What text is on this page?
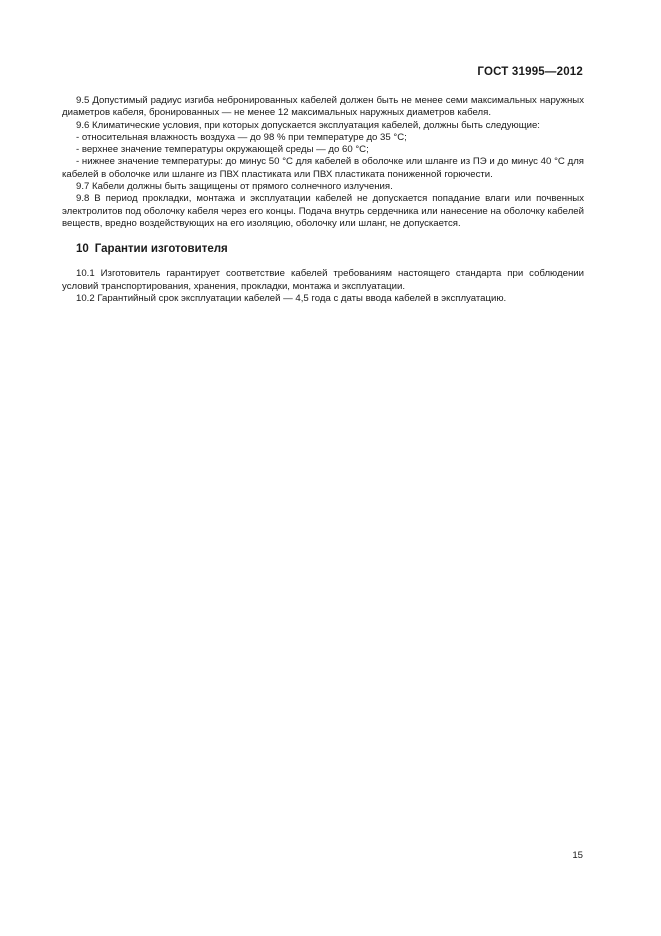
ГОСТ 31995—2012

9.5 Допустимый радиус изгиба небронированных кабелей должен быть не менее семи максимальных наружных диаметров кабеля, бронированных — не менее 12 максимальных наружных диаметров кабеля.

9.6 Климатические условия, при которых допускается эксплуатация кабелей, должны быть следующие:

- относительная влажность воздуха — до 98 % при температуре до 35 °С;

- верхнее значение температуры окружающей среды — до 60 °С;

- нижнее значение температуры: до минус 50 °С для кабелей в оболочке или шланге из ПЭ и до минус 40 °С для кабелей в оболочке или шланге из ПВХ пластиката или ПВХ пластиката пониженной горючести.

9.7 Кабели должны быть защищены от прямого солнечного излучения.

9.8 В период прокладки, монтажа и эксплуатации кабелей не допускается попадание влаги или почвенных электролитов под оболочку кабеля через его концы. Подача внутрь сердечника или нанесение на оболочку кабелей веществ, вредно воздействующих на его изоляцию, оболочку или шланг, не допускается.

10 Гарантии изготовителя

10.1 Изготовитель гарантирует соответствие кабелей требованиям настоящего стандарта при соблюдении условий транспортирования, хранения, прокладки, монтажа и эксплуатации.

10.2 Гарантийный срок эксплуатации кабелей — 4,5 года с даты ввода кабелей в эксплуатацию.

15
